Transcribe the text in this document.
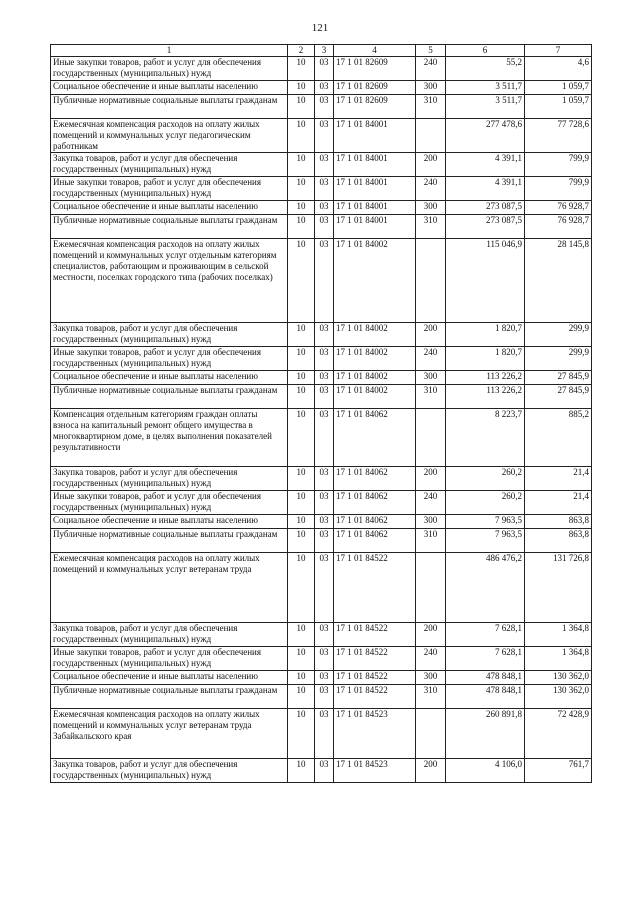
121
1	2	3	4	5	6	7
Иные закупки товаров, работ и услуг для обеспечения государственных (муниципальных) нужд	10	03	17 1 01 82609	240	55,2	4,6
Социальное обеспечение и иные выплаты населению	10	03	17 1 01 82609	300	3 511,7	1 059,7
Публичные нормативные социальные выплаты гражданам	10	03	17 1 01 82609	310	3 511,7	1 059,7
Ежемесячная компенсация расходов на оплату жилых помещений и коммунальных услуг педагогическим работникам	10	03	17 1 01 84001		277 478,6	77 728,6
Закупка товаров, работ и услуг для обеспечения государственных (муниципальных) нужд	10	03	17 1 01 84001	200	4 391,1	799,9
Иные закупки товаров, работ и услуг для обеспечения государственных (муниципальных) нужд	10	03	17 1 01 84001	240	4 391,1	799,9
Социальное обеспечение и иные выплаты населению	10	03	17 1 01 84001	300	273 087,5	76 928,7
Публичные нормативные социальные выплаты гражданам	10	03	17 1 01 84001	310	273 087,5	76 928,7
Ежемесячная компенсация расходов на оплату жилых помещений и коммунальных услуг отдельным категориям специалистов, работающим и проживающим в сельской местности, поселках городского типа (рабочих поселках)	10	03	17 1 01 84002		115 046,9	28 145,8
Закупка товаров, работ и услуг для обеспечения государственных (муниципальных) нужд	10	03	17 1 01 84002	200	1 820,7	299,9
Иные закупки товаров, работ и услуг для обеспечения государственных (муниципальных) нужд	10	03	17 1 01 84002	240	1 820,7	299,9
Социальное обеспечение и иные выплаты населению	10	03	17 1 01 84002	300	113 226,2	27 845,9
Публичные нормативные социальные выплаты гражданам	10	03	17 1 01 84002	310	113 226,2	27 845,9
Компенсация отдельным категориям граждан оплаты взноса на капитальный ремонт общего имущества в многоквартирном доме, в целях выполнения показателей результативности	10	03	17 1 01 84062		8 223,7	885,2
Закупка товаров, работ и услуг для обеспечения государственных (муниципальных) нужд	10	03	17 1 01 84062	200	260,2	21,4
Иные закупки товаров, работ и услуг для обеспечения государственных (муниципальных) нужд	10	03	17 1 01 84062	240	260,2	21,4
Социальное обеспечение и иные выплаты населению	10	03	17 1 01 84062	300	7 963,5	863,8
Публичные нормативные социальные выплаты гражданам	10	03	17 1 01 84062	310	7 963,5	863,8
Ежемесячная компенсация расходов на оплату жилых помещений и коммунальных услуг ветеранам труда	10	03	17 1 01 84522		486 476,2	131 726,8
Закупка товаров, работ и услуг для обеспечения государственных (муниципальных) нужд	10	03	17 1 01 84522	200	7 628,1	1 364,8
Иные закупки товаров, работ и услуг для обеспечения государственных (муниципальных) нужд	10	03	17 1 01 84522	240	7 628,1	1 364,8
Социальное обеспечение и иные выплаты населению	10	03	17 1 01 84522	300	478 848,1	130 362,0
Публичные нормативные социальные выплаты гражданам	10	03	17 1 01 84522	310	478 848,1	130 362,0
Ежемесячная компенсация расходов на оплату жилых помещений и коммунальных услуг ветеранам труда Забайкальского края	10	03	17 1 01 84523		260 891,8	72 428,9
Закупка товаров, работ и услуг для обеспечения государственных (муниципальных) нужд	10	03	17 1 01 84523	200	4 106,0	761,7
